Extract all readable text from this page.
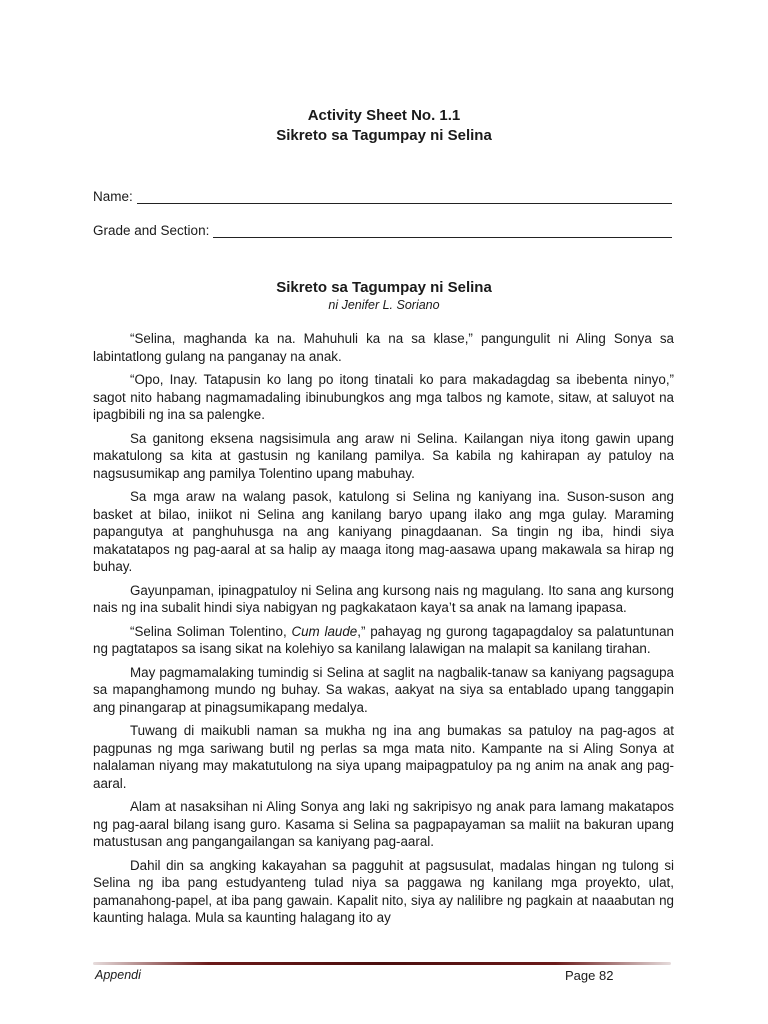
Activity Sheet No. 1.1
Sikreto sa Tagumpay ni Selina
Name:
Grade and Section:
Sikreto sa Tagumpay ni Selina
ni Jenifer L. Soriano

“Selina, maghanda ka na. Mahuhuli ka na sa klase,” pangungulit ni Aling Sonya sa labintatlong gulang na panganay na anak.

“Opo, Inay. Tatapusin ko lang po itong tinatali ko para makadagdag sa ibebenta ninyo,” sagot nito habang nagmamadaling ibinubungkos ang mga talbos ng kamote, sitaw, at saluyot na ipagbibili ng ina sa palengke.

Sa ganitong eksena nagsisimula ang araw ni Selina. Kailangan niya itong gawin upang makatulong sa kita at gastusin ng kanilang pamilya. Sa kabila ng kahirapan ay patuloy na nagsusumikap ang pamilya Tolentino upang mabuhay.

Sa mga araw na walang pasok, katulong si Selina ng kaniyang ina. Suson-suson ang basket at bilao, iniikot ni Selina ang kanilang baryo upang ilako ang mga gulay. Maraming papangutya at panghuhusga na ang kaniyang pinagdaanan. Sa tingin ng iba, hindi siya makatatapos ng pag-aaral at sa halip ay maaga itong mag-aasawa upang makawala sa hirap ng buhay.

Gayunpaman, ipinagpatuloy ni Selina ang kursong nais ng magulang. Ito sana ang kursong nais ng ina subalit hindi siya nabigyan ng pagkakataon kaya’t sa anak na lamang ipapasa.

“Selina Soliman Tolentino, Cum laude,” pahayag ng gurong tagapagdaloy sa palatuntunan ng pagtatapos sa isang sikat na kolehiyo sa kanilang lalawigan na malapit sa kanilang tirahan.

May pagmamalaking tumindig si Selina at saglit na nagbalik-tanaw sa kaniyang pagsagupa sa mapanghamong mundo ng buhay. Sa wakas, aakyat na siya sa entablado upang tanggapin ang pinangarap at pinagsumikapang medalya.

Tuwang di maikubli naman sa mukha ng ina ang bumakas sa patuloy na pag-agos at pagpunas ng mga sariwang butil ng perlas sa mga mata nito. Kampante na si Aling Sonya at nalalaman niyang may makatutulong na siya upang maipagpatuloy pa ng anim na anak ang pag-aaral.

Alam at nasaksihan ni Aling Sonya ang laki ng sakripisyo ng anak para lamang makatapos ng pag-aaral bilang isang guro. Kasama si Selina sa pagpapayaman sa maliit na bakuran upang matustusan ang pangangailangan sa kaniyang pag-aaral.

Dahil din sa angking kakayahan sa pagguhit at pagsusulat, madalas hingan ng tulong si Selina ng iba pang estudyanteng tulad niya sa paggawa ng kanilang mga proyekto, ulat, pamanahong-papel, at iba pang gawain. Kapalit nito, siya ay nalilibre ng pagkain at naaabutan ng kaunting halaga. Mula sa kaunting halagang ito ay

Appendi	Page 82
